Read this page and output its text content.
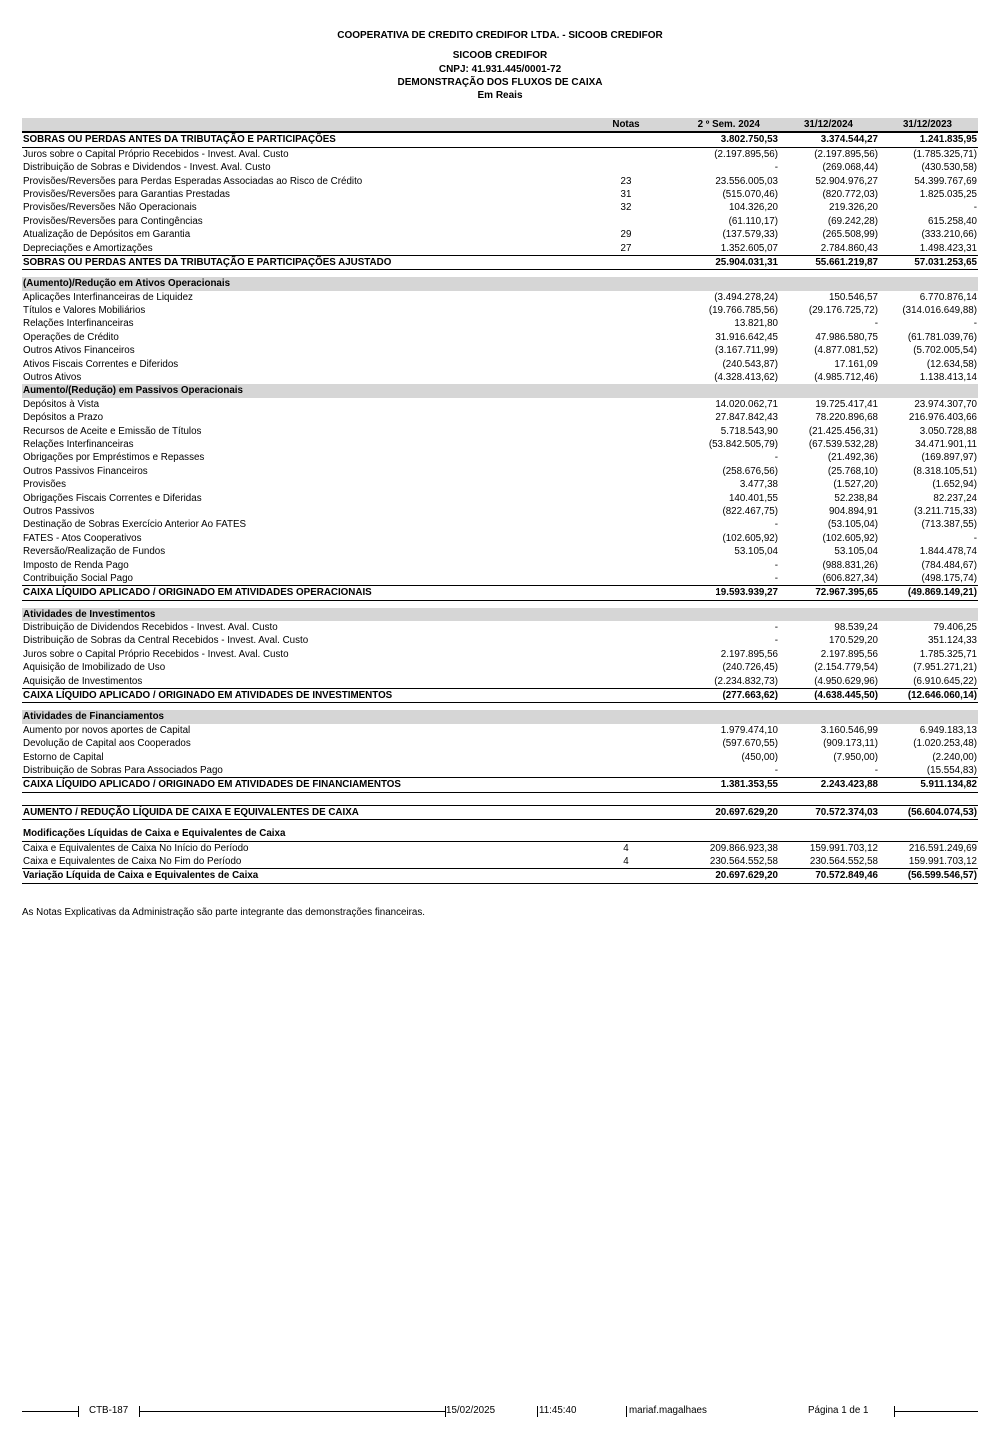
COOPERATIVA DE CREDITO CREDIFOR LTDA. - SICOOB CREDIFOR
SICOOB CREDIFOR
CNPJ: 41.931.445/0001-72
DEMONSTRAÇÃO DOS FLUXOS DE CAIXA
Em Reais
Notas	2 º Sem. 2024	31/12/2024	31/12/2023
SOBRAS OU PERDAS ANTES DA TRIBUTAÇÃO E PARTICIPAÇÕES	3.802.750,53	3.374.544,27	1.241.835,95
Juros sobre o Capital Próprio Recebidos - Invest. Aval. Custo	(2.197.895,56)	(2.197.895,56)	(1.785.325,71)
Distribuição de Sobras e Dividendos - Invest. Aval. Custo	-	(269.068,44)	(430.530,58)
Provisões/Reversões para Perdas Esperadas Associadas ao Risco de Crédito	23	23.556.005,03	52.904.976,27	54.399.767,69
Provisões/Reversões para Garantias Prestadas	31	(515.070,46)	(820.772,03)	1.825.035,25
Provisões/Reversões Não Operacionais	32	104.326,20	219.326,20	-
Provisões/Reversões para Contingências	(61.110,17)	(69.242,28)	615.258,40
Atualização de Depósitos em Garantia	29	(137.579,33)	(265.508,99)	(333.210,66)
Depreciações e Amortizações	27	1.352.605,07	2.784.860,43	1.498.423,31
SOBRAS OU PERDAS ANTES DA TRIBUTAÇÃO E PARTICIPAÇÕES AJUSTADO	25.904.031,31	55.661.219,87	57.031.253,65
(Aumento)/Redução em Ativos Operacionais
Aplicações Interfinanceiras de Liquidez	(3.494.278,24)	150.546,57	6.770.876,14
Títulos e Valores Mobiliários	(19.766.785,56)	(29.176.725,72) (314.016.649,88)
Relações Interfinanceiras	13.821,80	-	-
Operações de Crédito	31.916.642,45	47.986.580,75	(61.781.039,76)
Outros Ativos Financeiros	(3.167.711,99)	(4.877.081,52)	(5.702.005,54)
Ativos Fiscais Correntes e Diferidos	(240.543,87)	17.161,09	(12.634,58)
Outros Ativos	(4.328.413,62)	(4.985.712,46)	1.138.413,14
Aumento/(Redução) em Passivos Operacionais
Depósitos à Vista	14.020.062,71	19.725.417,41	23.974.307,70
Depósitos a Prazo	27.847.842,43	78.220.896,68	216.976.403,66
Recursos de Aceite e Emissão de Títulos	5.718.543,90	(21.425.456,31)	3.050.728,88
Relações Interfinanceiras	(53.842.505,79)	(67.539.532,28)	34.471.901,11
Obrigações por Empréstimos e Repasses	-	(21.492,36)	(169.897,97)
Outros Passivos Financeiros	(258.676,56)	(25.768,10)	(8.318.105,51)
Provisões	3.477,38	(1.527,20)	(1.652,94)
Obrigações Fiscais Correntes e Diferidas	140.401,55	52.238,84	82.237,24
Outros Passivos	(822.467,75)	904.894,91	(3.211.715,33)
Destinação de Sobras Exercício Anterior Ao FATES	-	(53.105,04)	(713.387,55)
FATES - Atos Cooperativos	(102.605,92)	(102.605,92)	-
Reversão/Realização de Fundos	53.105,04	53.105,04	1.844.478,74
Imposto de Renda Pago	-	(988.831,26)	(784.484,67)
Contribuição Social Pago	-	(606.827,34)	(498.175,74)
CAIXA LÍQUIDO APLICADO / ORIGINADO EM ATIVIDADES OPERACIONAIS	19.593.939,27	72.967.395,65	(49.869.149,21)
Atividades de Investimentos
Distribuição de Dividendos Recebidos - Invest. Aval. Custo	-	98.539,24	79.406,25
Distribuição de Sobras da Central Recebidos - Invest. Aval. Custo	-	170.529,20	351.124,33
Juros sobre o Capital Próprio Recebidos - Invest. Aval. Custo	2.197.895,56	2.197.895,56	1.785.325,71
Aquisição de Imobilizado de Uso	(240.726,45)	(2.154.779,54)	(7.951.271,21)
Aquisição de Investimentos	(2.234.832,73)	(4.950.629,96)	(6.910.645,22)
CAIXA LÍQUIDO APLICADO / ORIGINADO EM ATIVIDADES DE INVESTIMENTOS	(277.663,62)	(4.638.445,50)	(12.646.060,14)
Atividades de Financiamentos
Aumento por novos aportes de Capital	1.979.474,10	3.160.546,99	6.949.183,13
Devolução de Capital aos Cooperados	(597.670,55)	(909.173,11)	(1.020.253,48)
Estorno de Capital	(450,00)	(7.950,00)	(2.240,00)
Distribuição de Sobras Para Associados Pago	-	-	(15.554,83)
CAIXA LÍQUIDO APLICADO / ORIGINADO EM ATIVIDADES DE FINANCIAMENTOS	1.381.353,55	2.243.423,88	5.911.134,82
AUMENTO / REDUÇÃO LÍQUIDA DE CAIXA E EQUIVALENTES DE CAIXA	20.697.629,20	70.572.374,03	(56.604.074,53)
Modificações Líquidas de Caixa e Equivalentes de Caixa
Caixa e Equivalentes de Caixa No Início do Período	4	209.866.923,38	159.991.703,12	216.591.249,69
Caixa e Equivalentes de Caixa No Fim do Período	4	230.564.552,58	230.564.552,58	159.991.703,12
Variação Líquida de Caixa e Equivalentes de Caixa	20.697.629,20	70.572.849,46	(56.599.546,57)
As Notas Explicativas da Administração são parte integrante das demonstrações financeiras.
CTB-187	15/02/2025	11:45:40	mariaf.magalhaes	Página 1 de 1
